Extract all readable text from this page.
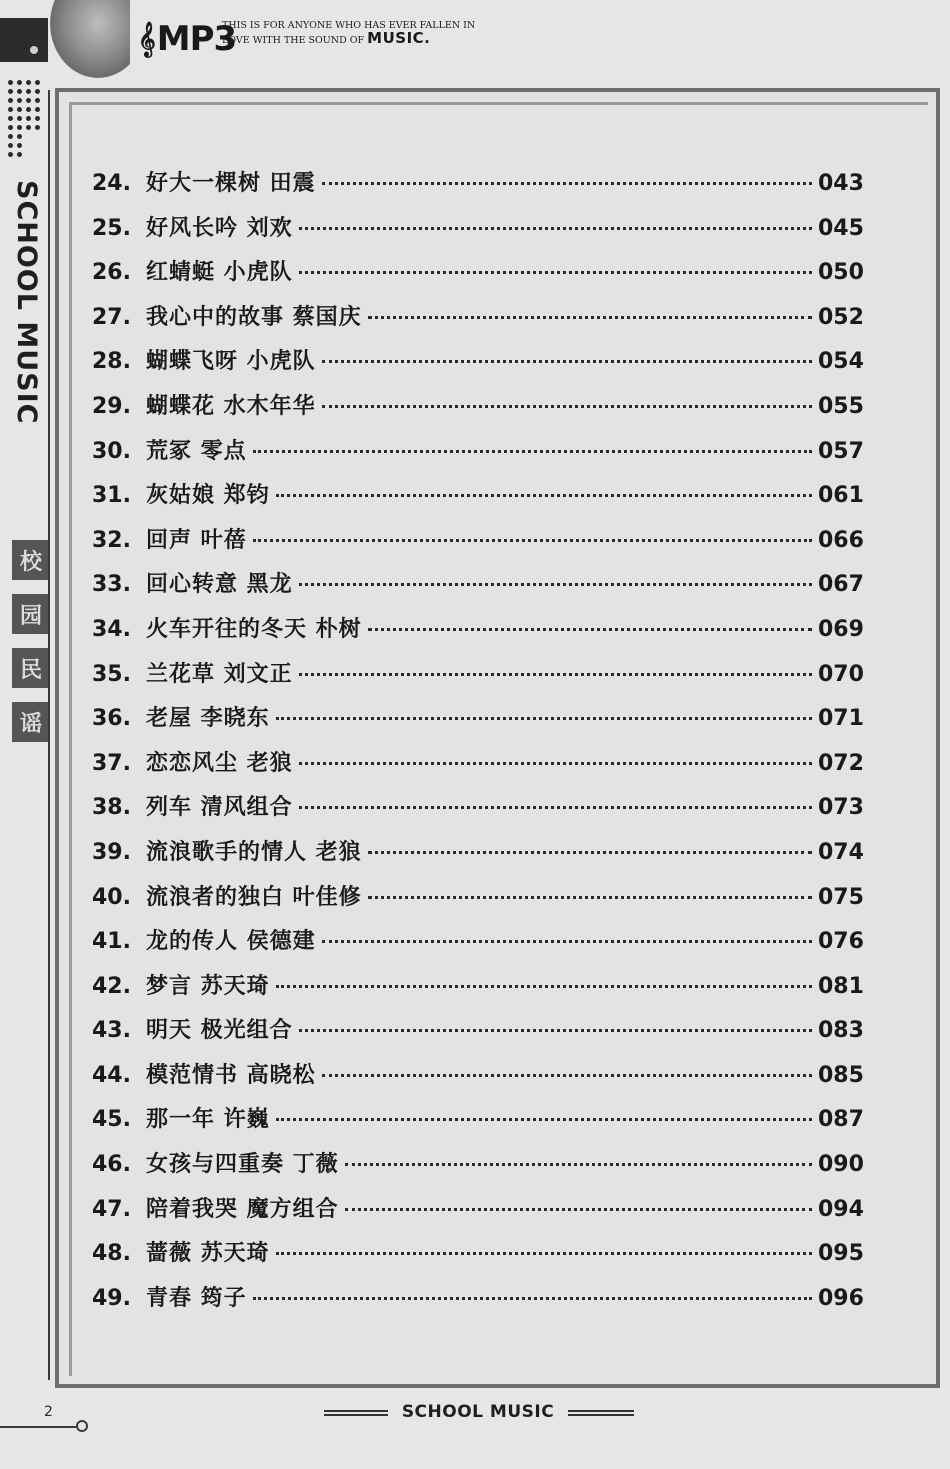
𝄞 MP3
THIS IS FOR ANYONE WHO HAS EVER FALLEN IN
LOVE WITH THE SOUND OF MUSIC.
SCHOOL MUSIC
校
园
民
谣
24. 好大一棵树 田震	043
25. 好风长吟 刘欢	045
26. 红蜻蜓 小虎队	050
27. 我心中的故事 蔡国庆	052
28. 蝴蝶飞呀 小虎队	054
29. 蝴蝶花 水木年华	055
30. 荒冢 零点	057
31. 灰姑娘 郑钧	061
32. 回声 叶蓓	066
33. 回心转意 黑龙	067
34. 火车开往的冬天 朴树	069
35. 兰花草 刘文正	070
36. 老屋 李晓东	071
37. 恋恋风尘 老狼	072
38. 列车 清风组合	073
39. 流浪歌手的情人 老狼	074
40. 流浪者的独白 叶佳修	075
41. 龙的传人 侯德建	076
42. 梦言 苏天琦	081
43. 明天 极光组合	083
44. 模范情书 高晓松	085
45. 那一年 许巍	087
46. 女孩与四重奏 丁薇	090
47. 陪着我哭 魔方组合	094
48. 蔷薇 苏天琦	095
49. 青春 筠子	096
2	SCHOOL MUSIC
